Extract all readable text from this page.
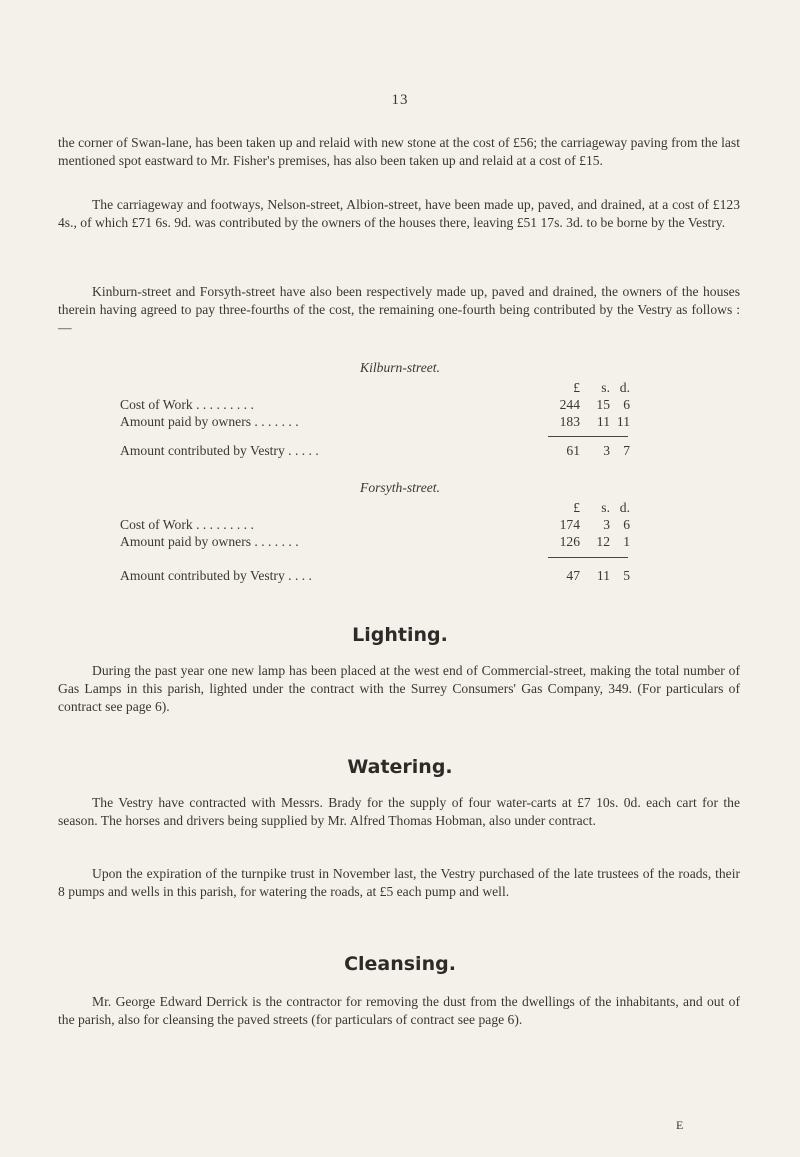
13
the corner of Swan-lane, has been taken up and relaid with new stone at the cost of £56; the carriageway paving from the last mentioned spot eastward to Mr. Fisher's premises, has also been taken up and relaid at a cost of £15.
The carriageway and footways, Nelson-street, Albion-street, have been made up, paved, and drained, at a cost of £123 4s., of which £71 6s. 9d. was contributed by the owners of the houses there, leaving £51 17s. 3d. to be borne by the Vestry.
Kinburn-street and Forsyth-street have also been respectively made up, paved and drained, the owners of the houses therein having agreed to pay three-fourths of the cost, the remaining one-fourth being contributed by the Vestry as follows :—
Kilburn-street.
£	s. d.
Cost of Work . . . . . . . . .	244	15 6
Amount paid by owners . . . . . . .	183	11 11
Amount contributed by Vestry . . . . .	61	3 7
Forsyth-street.
£	s. d.
Cost of Work . . . . . . . . .	174	3 6
Amount paid by owners . . . . . . .	126	12 1
Amount contributed by Vestry . . . .	47	11 5
Lighting.
During the past year one new lamp has been placed at the west end of Commercial-street, making the total number of Gas Lamps in this parish, lighted under the contract with the Surrey Consumers' Gas Company, 349. (For particulars of contract see page 6).
Watering.
The Vestry have contracted with Messrs. Brady for the supply of four water-carts at £7 10s. 0d. each cart for the season. The horses and drivers being supplied by Mr. Alfred Thomas Hobman, also under contract.
Upon the expiration of the turnpike trust in November last, the Vestry purchased of the late trustees of the roads, their 8 pumps and wells in this parish, for watering the roads, at £5 each pump and well.
Cleansing.
Mr. George Edward Derrick is the contractor for removing the dust from the dwellings of the inhabitants, and out of the parish, also for cleansing the paved streets (for particulars of contract see page 6).
E
